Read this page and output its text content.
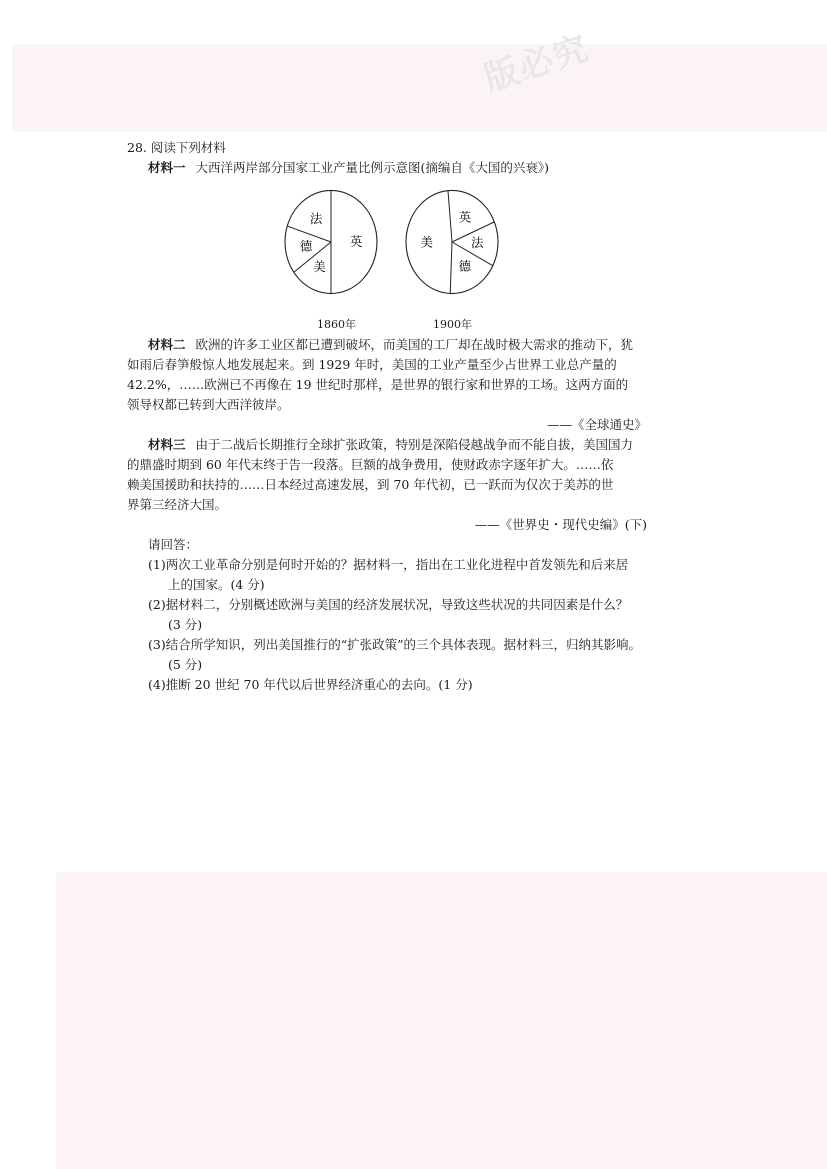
版必究
28. 阅读下列材料
材料一 大西洋两岸部分国家工业产量比例示意图(摘编自《大国的兴衰》)
英
美
德
法	英
法
德
美
1860年	1900年
材料二 欧洲的许多工业区都已遭到破坏，而美国的工厂却在战时极大需求的推动下，犹
如雨后春笋般惊人地发展起来。到 1929 年时，美国的工业产量至少占世界工业总产量的
42.2%，……欧洲已不再像在 19 世纪时那样，是世界的银行家和世界的工场。这两方面的
领导权都已转到大西洋彼岸。
——《全球通史》
材料三 由于二战后长期推行全球扩张政策，特别是深陷侵越战争而不能自拔，美国国力
的鼎盛时期到 60 年代末终于告一段落。巨额的战争费用，使财政赤字逐年扩大。……依
赖美国援助和扶持的……日本经过高速发展，到 70 年代初，已一跃而为仅次于美苏的世
界第三经济大国。
——《世界史・现代史编》(下)
请回答：
(1)两次工业革命分别是何时开始的？据材料一，指出在工业化进程中首发领先和后来居
上的国家。(4 分)
(2)据材料二，分别概述欧洲与美国的经济发展状况，导致这些状况的共同因素是什么？
(3 分)
(3)结合所学知识，列出美国推行的“扩张政策”的三个具体表现。据材料三，归纳其影响。
(5 分)
(4)推断 20 世纪 70 年代以后世界经济重心的去向。(1 分)
